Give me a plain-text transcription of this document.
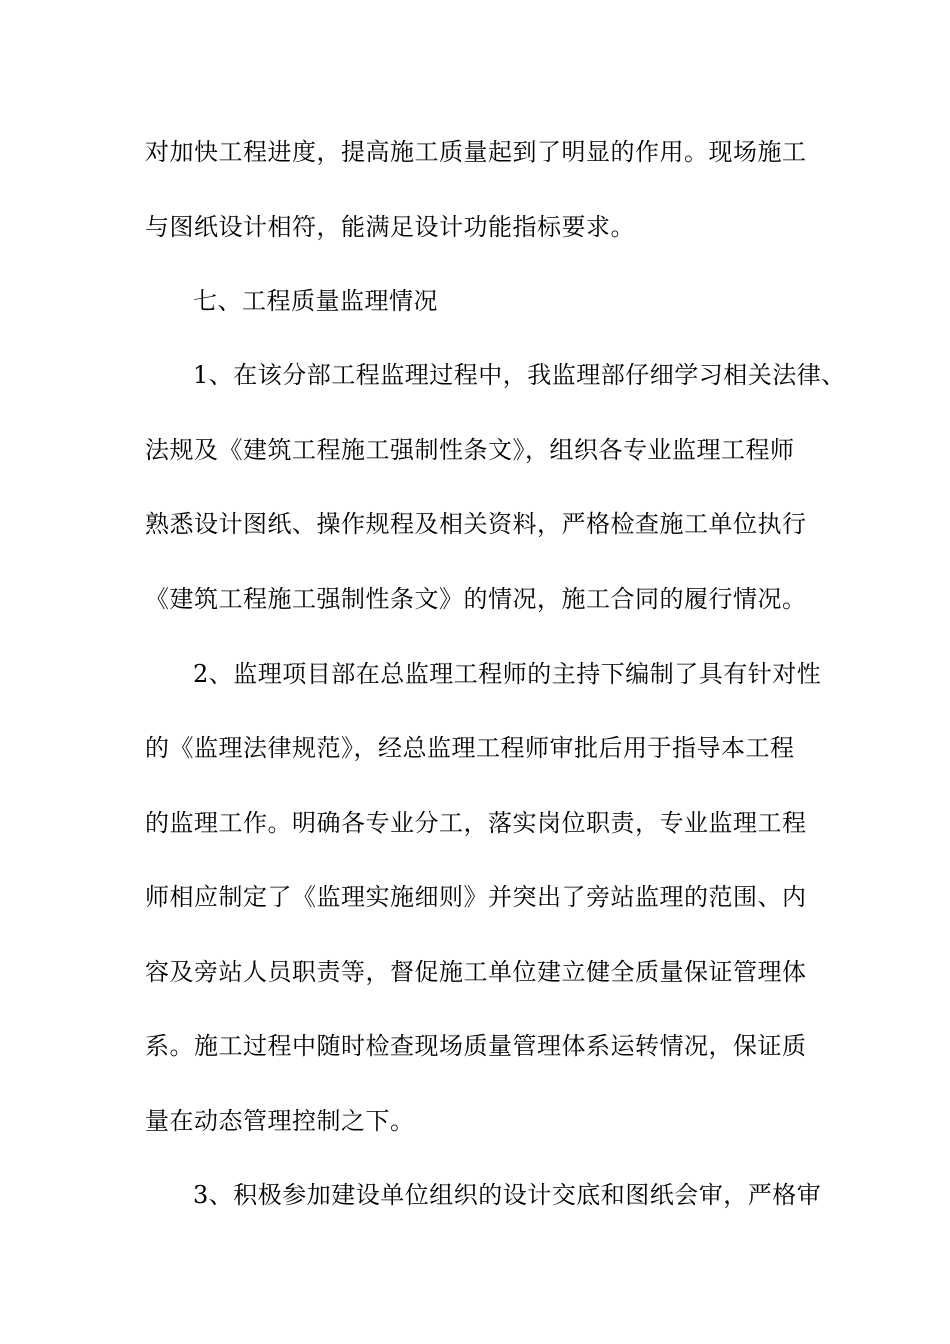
对加快工程进度，提高施工质量起到了明显的作用。现场施工
与图纸设计相符，能满足设计功能指标要求。
七、工程质量监理情况
1、在该分部工程监理过程中，我监理部仔细学习相关法律、
法规及《建筑工程施工强制性条文》，组织各专业监理工程师
熟悉设计图纸、操作规程及相关资料，严格检查施工单位执行
《建筑工程施工强制性条文》的情况，施工合同的履行情况。
2、监理项目部在总监理工程师的主持下编制了具有针对性
的《监理法律规范》，经总监理工程师审批后用于指导本工程
的监理工作。明确各专业分工，落实岗位职责，专业监理工程
师相应制定了《监理实施细则》并突出了旁站监理的范围、内
容及旁站人员职责等，督促施工单位建立健全质量保证管理体
系。施工过程中随时检查现场质量管理体系运转情况，保证质
量在动态管理控制之下。
3、积极参加建设单位组织的设计交底和图纸会审，严格审
